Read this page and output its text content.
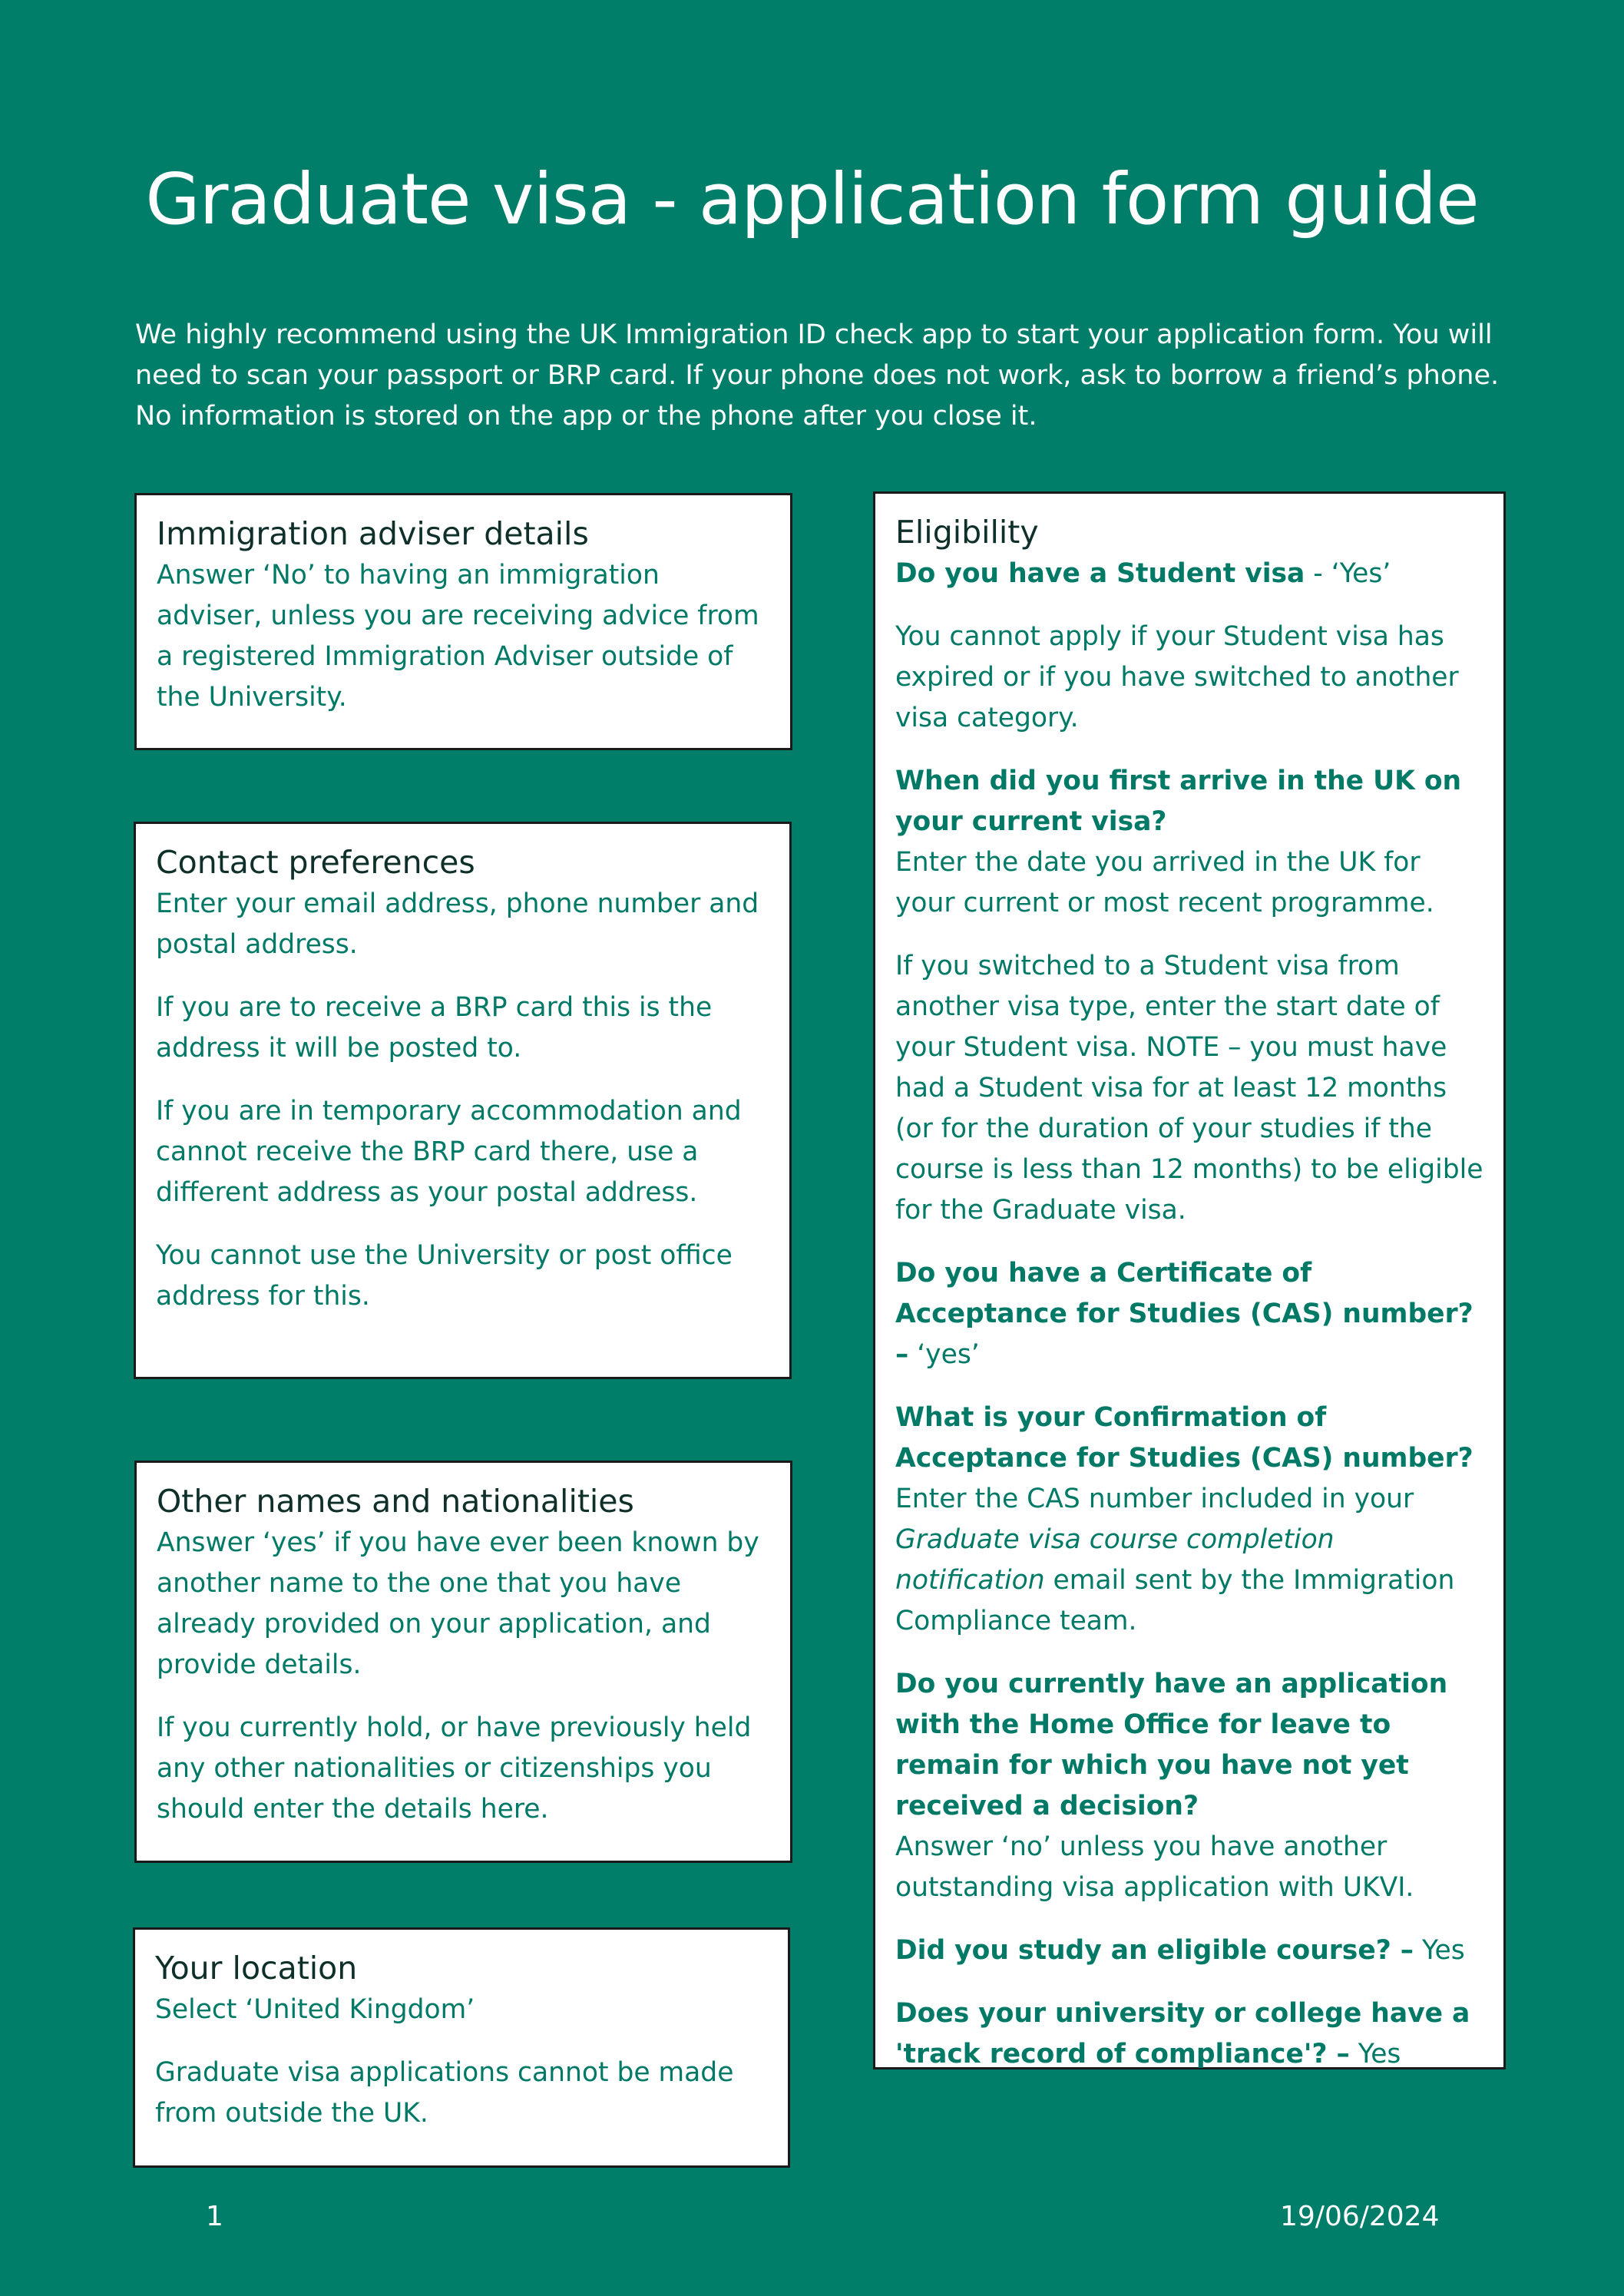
Graduate visa - application form guide

We highly recommend using the UK Immigration ID check app to start your application form. You will need to scan your passport or BRP card. If your phone does not work, ask to borrow a friend’s phone. No information is stored on the app or the phone after you close it.

Immigration adviser details

Answer ‘No’ to having an immigration adviser, unless you are receiving advice from a registered Immigration Adviser outside of the University.

Contact preferences

Enter your email address, phone number and postal address.

If you are to receive a BRP card this is the address it will be posted to.

If you are in temporary accommodation and cannot receive the BRP card there, use a different address as your postal address.

You cannot use the University or post office address for this.

Other names and nationalities

Answer ‘yes’ if you have ever been known by another name to the one that you have already provided on your application, and provide details.

If you currently hold, or have previously held any other nationalities or citizenships you should enter the details here.

Your location

Select ‘United Kingdom’

Graduate visa applications cannot be made from outside the UK.

Eligibility

Do you have a Student visa - ‘Yes’

You cannot apply if your Student visa has expired or if you have switched to another visa category.

When did you first arrive in the UK on your current visa?
Enter the date you arrived in the UK for your current or most recent programme.

If you switched to a Student visa from another visa type, enter the start date of your Student visa. NOTE – you must have had a Student visa for at least 12 months (or for the duration of your studies if the course is less than 12 months) to be eligible for the Graduate visa.

Do you have a Certificate of Acceptance for Studies (CAS) number? – ‘yes’

What is your Confirmation of Acceptance for Studies (CAS) number?
Enter the CAS number included in your Graduate visa course completion notification email sent by the Immigration Compliance team.

Do you currently have an application with the Home Office for leave to remain for which you have not yet received a decision?
Answer ‘no’ unless you have another outstanding visa application with UKVI.

Did you study an eligible course? – Yes

Does your university or college have a 'track record of compliance'? – Yes

1	19/06/2024
